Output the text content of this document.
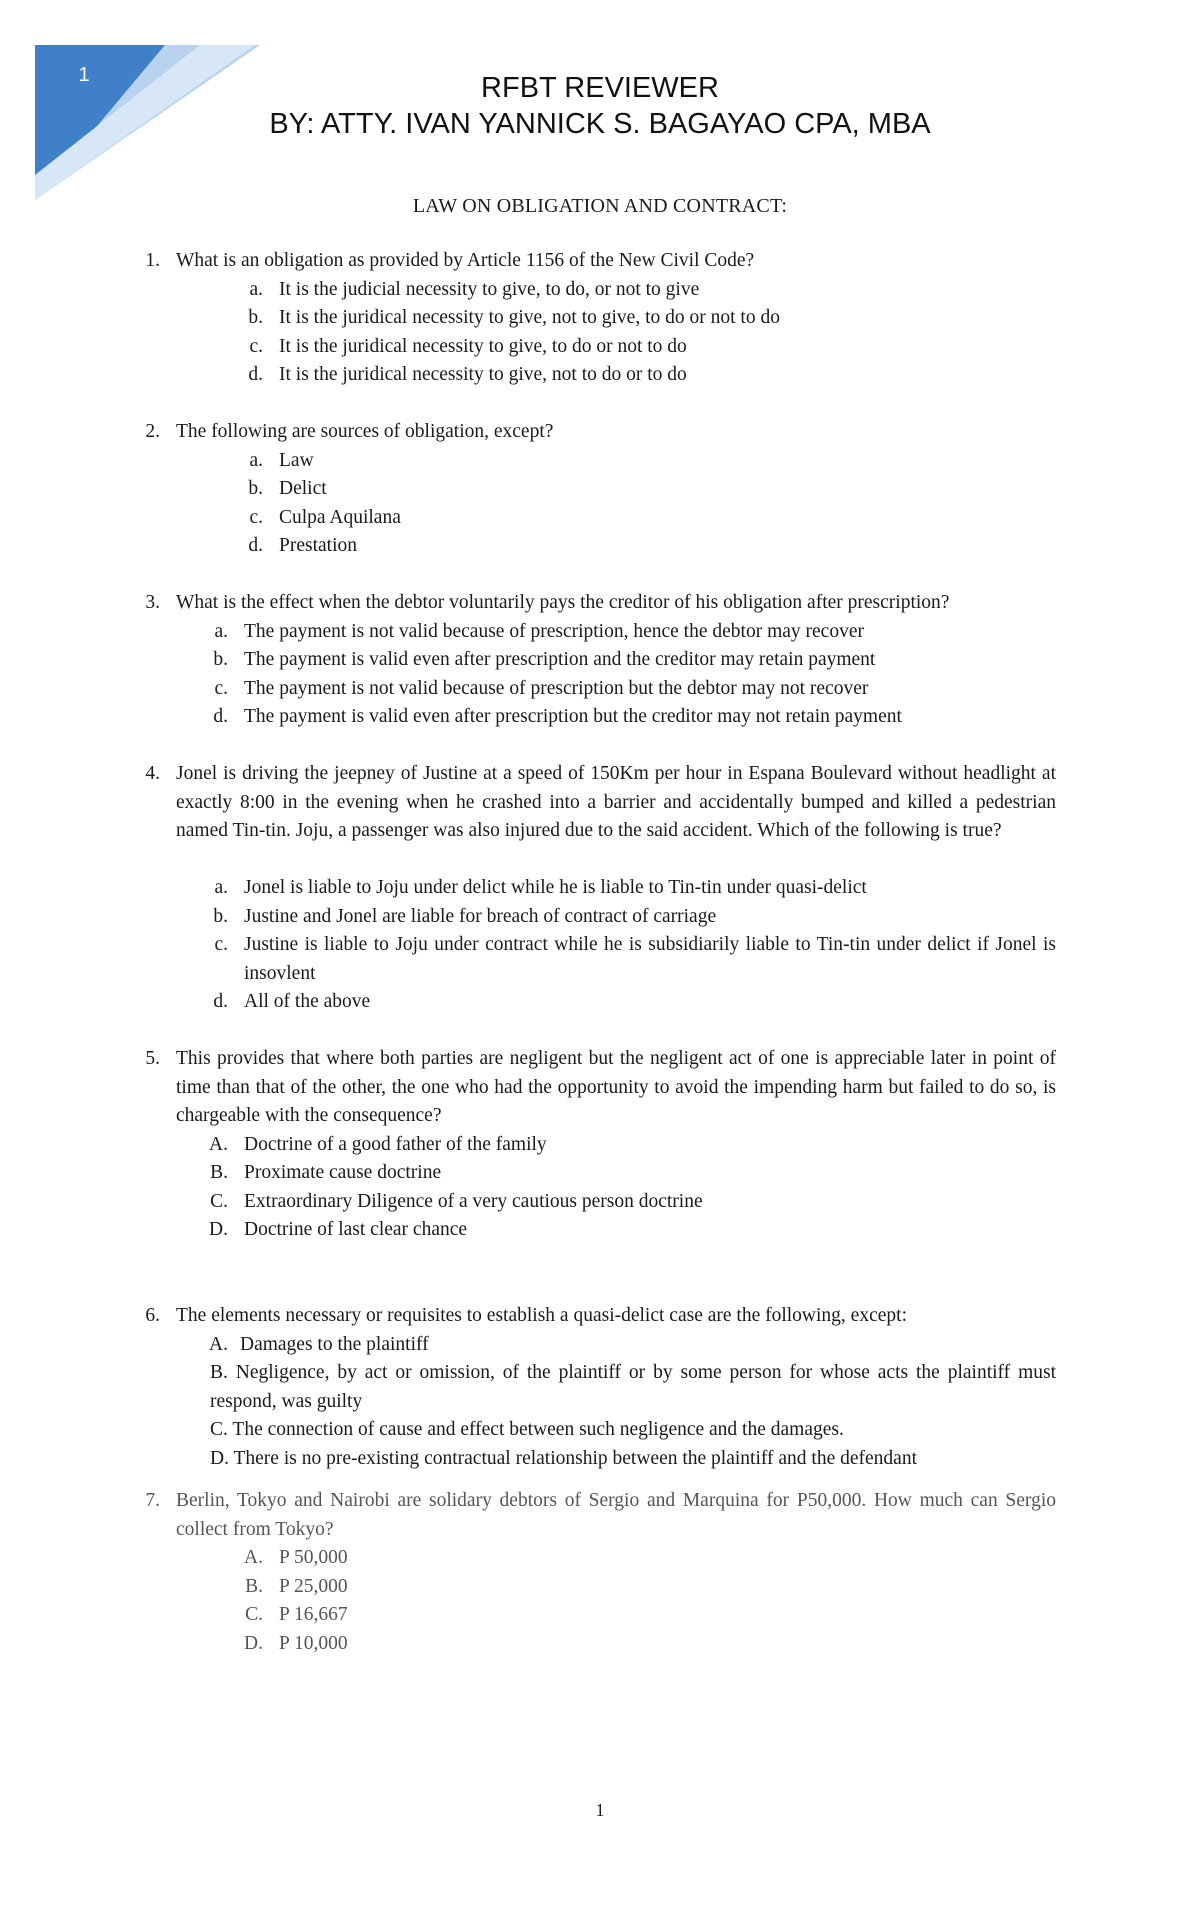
1	RFBT REVIEWER
BY: ATTY. IVAN YANNICK S. BAGAYAO CPA, MBA
LAW ON OBLIGATION AND CONTRACT:
1. What is an obligation as provided by Article 1156 of the New Civil Code?
a. It is the judicial necessity to give, to do, or not to give
b. It is the juridical necessity to give, not to give, to do or not to do
c. It is the juridical necessity to give, to do or not to do
d. It is the juridical necessity to give, not to do or to do
2. The following are sources of obligation, except?
a. Law
b. Delict
c. Culpa Aquilana
d. Prestation
3. What is the effect when the debtor voluntarily pays the creditor of his obligation after prescription?
a. The payment is not valid because of prescription, hence the debtor may recover
b. The payment is valid even after prescription and the creditor may retain payment
c. The payment is not valid because of prescription but the debtor may not recover
d. The payment is valid even after prescription but the creditor may not retain payment
4. Jonel is driving the jeepney of Justine at a speed of 150Km per hour in Espana Boulevard without headlight at exactly 8:00 in the evening when he crashed into a barrier and accidentally bumped and killed a pedestrian named Tin-tin. Joju, a passenger was also injured due to the said accident. Which of the following is true?
a. Jonel is liable to Joju under delict while he is liable to Tin-tin under quasi-delict
b. Justine and Jonel are liable for breach of contract of carriage
c. Justine is liable to Joju under contract while he is subsidiarily liable to Tin-tin under delict if Jonel is insovlent
d. All of the above
5. This provides that where both parties are negligent but the negligent act of one is appreciable later in point of time than that of the other, the one who had the opportunity to avoid the impending harm but failed to do so, is chargeable with the consequence?
A. Doctrine of a good father of the family
B. Proximate cause doctrine
C. Extraordinary Diligence of a very cautious person doctrine
D. Doctrine of last clear chance
6. The elements necessary or requisites to establish a quasi-delict case are the following, except:
A. Damages to the plaintiff
B. Negligence, by act or omission, of the plaintiff or by some person for whose acts the plaintiff must respond, was guilty
C. The connection of cause and effect between such negligence and the damages.
D. There is no pre-existing contractual relationship between the plaintiff and the defendant
7. Berlin, Tokyo and Nairobi are solidary debtors of Sergio and Marquina for P50,000. How much can Sergio collect from Tokyo?
A. P 50,000
B. P 25,000
C. P 16,667
D. P 10,000
1
